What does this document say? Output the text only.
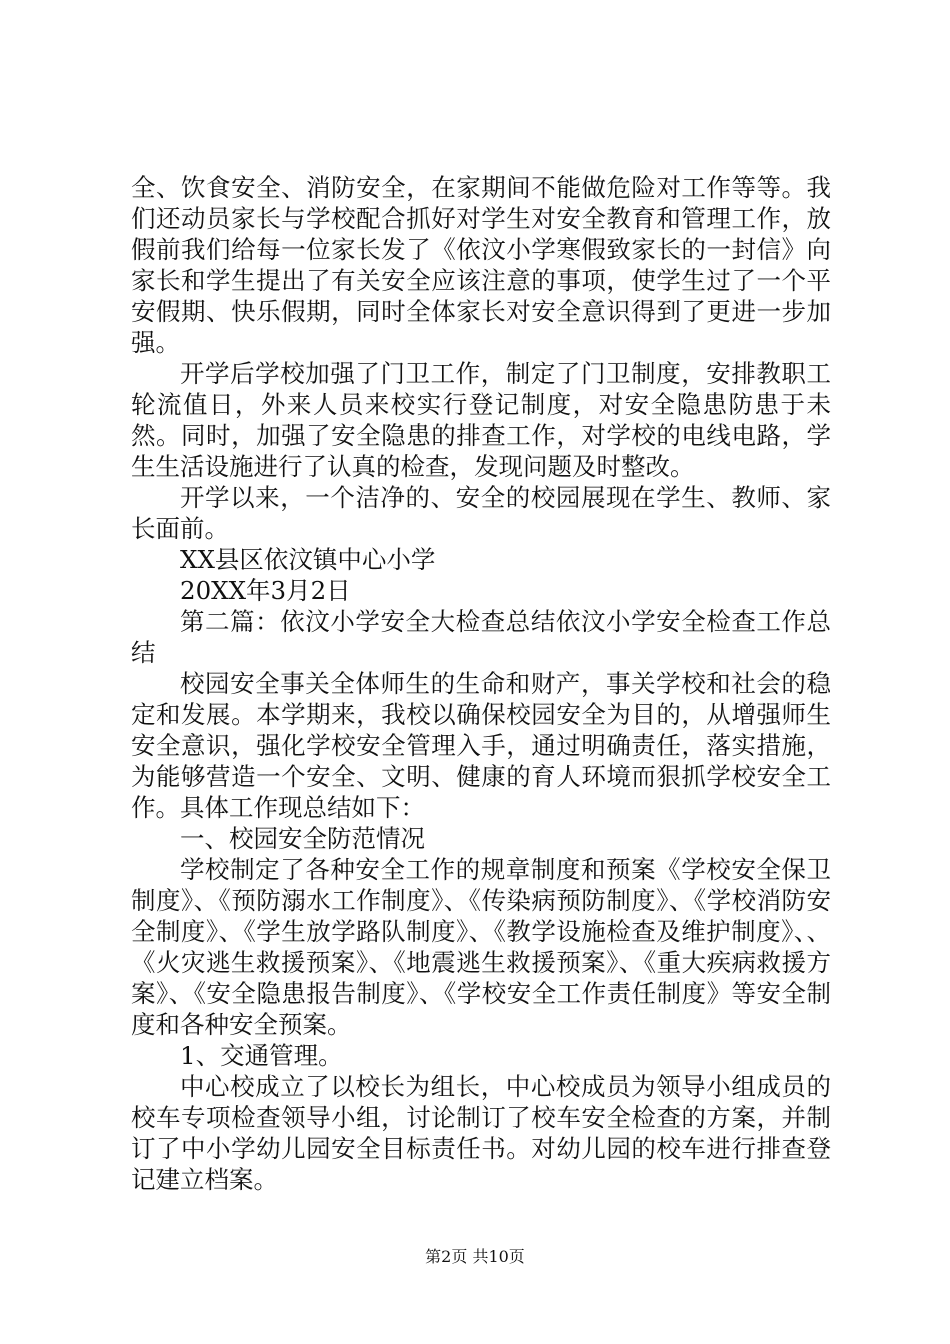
全、饮食安全、消防安全，在家期间不能做危险对工作等等。我们还动员家长与学校配合抓好对学生对安全教育和管理工作，放假前我们给每一位家长发了《依汶小学寒假致家长的一封信》向家长和学生提出了有关安全应该注意的事项，使学生过了一个平安假期、快乐假期，同时全体家长对安全意识得到了更进一步加强。

开学后学校加强了门卫工作，制定了门卫制度，安排教职工轮流值日，外来人员来校实行登记制度，对安全隐患防患于未然。同时，加强了安全隐患的排查工作，对学校的电线电路，学生生活设施进行了认真的检查，发现问题及时整改。

开学以来，一个洁净的、安全的校园展现在学生、教师、家长面前。

XX县区依汶镇中心小学

20XX年3月2日

第二篇：依汶小学安全大检查总结依汶小学安全检查工作总结

校园安全事关全体师生的生命和财产，事关学校和社会的稳定和发展。本学期来，我校以确保校园安全为目的，从增强师生安全意识，强化学校安全管理入手，通过明确责任，落实措施，为能够营造一个安全、文明、健康的育人环境而狠抓学校安全工作。具体工作现总结如下：

一、校园安全防范情况

学校制定了各种安全工作的规章制度和预案《学校安全保卫制度》、《预防溺水工作制度》、《传染病预防制度》、《学校消防安全制度》、《学生放学路队制度》、《教学设施检查及维护制度》、、《火灾逃生救援预案》、《地震逃生救援预案》、《重大疾病救援方案》、《安全隐患报告制度》、《学校安全工作责任制度》等安全制度和各种安全预案。

1、交通管理。

中心校成立了以校长为组长，中心校成员为领导小组成员的校车专项检查领导小组，讨论制订了校车安全检查的方案，并制订了中小学幼儿园安全目标责任书。对幼儿园的校车进行排查登记建立档案。

第2页 共10页
